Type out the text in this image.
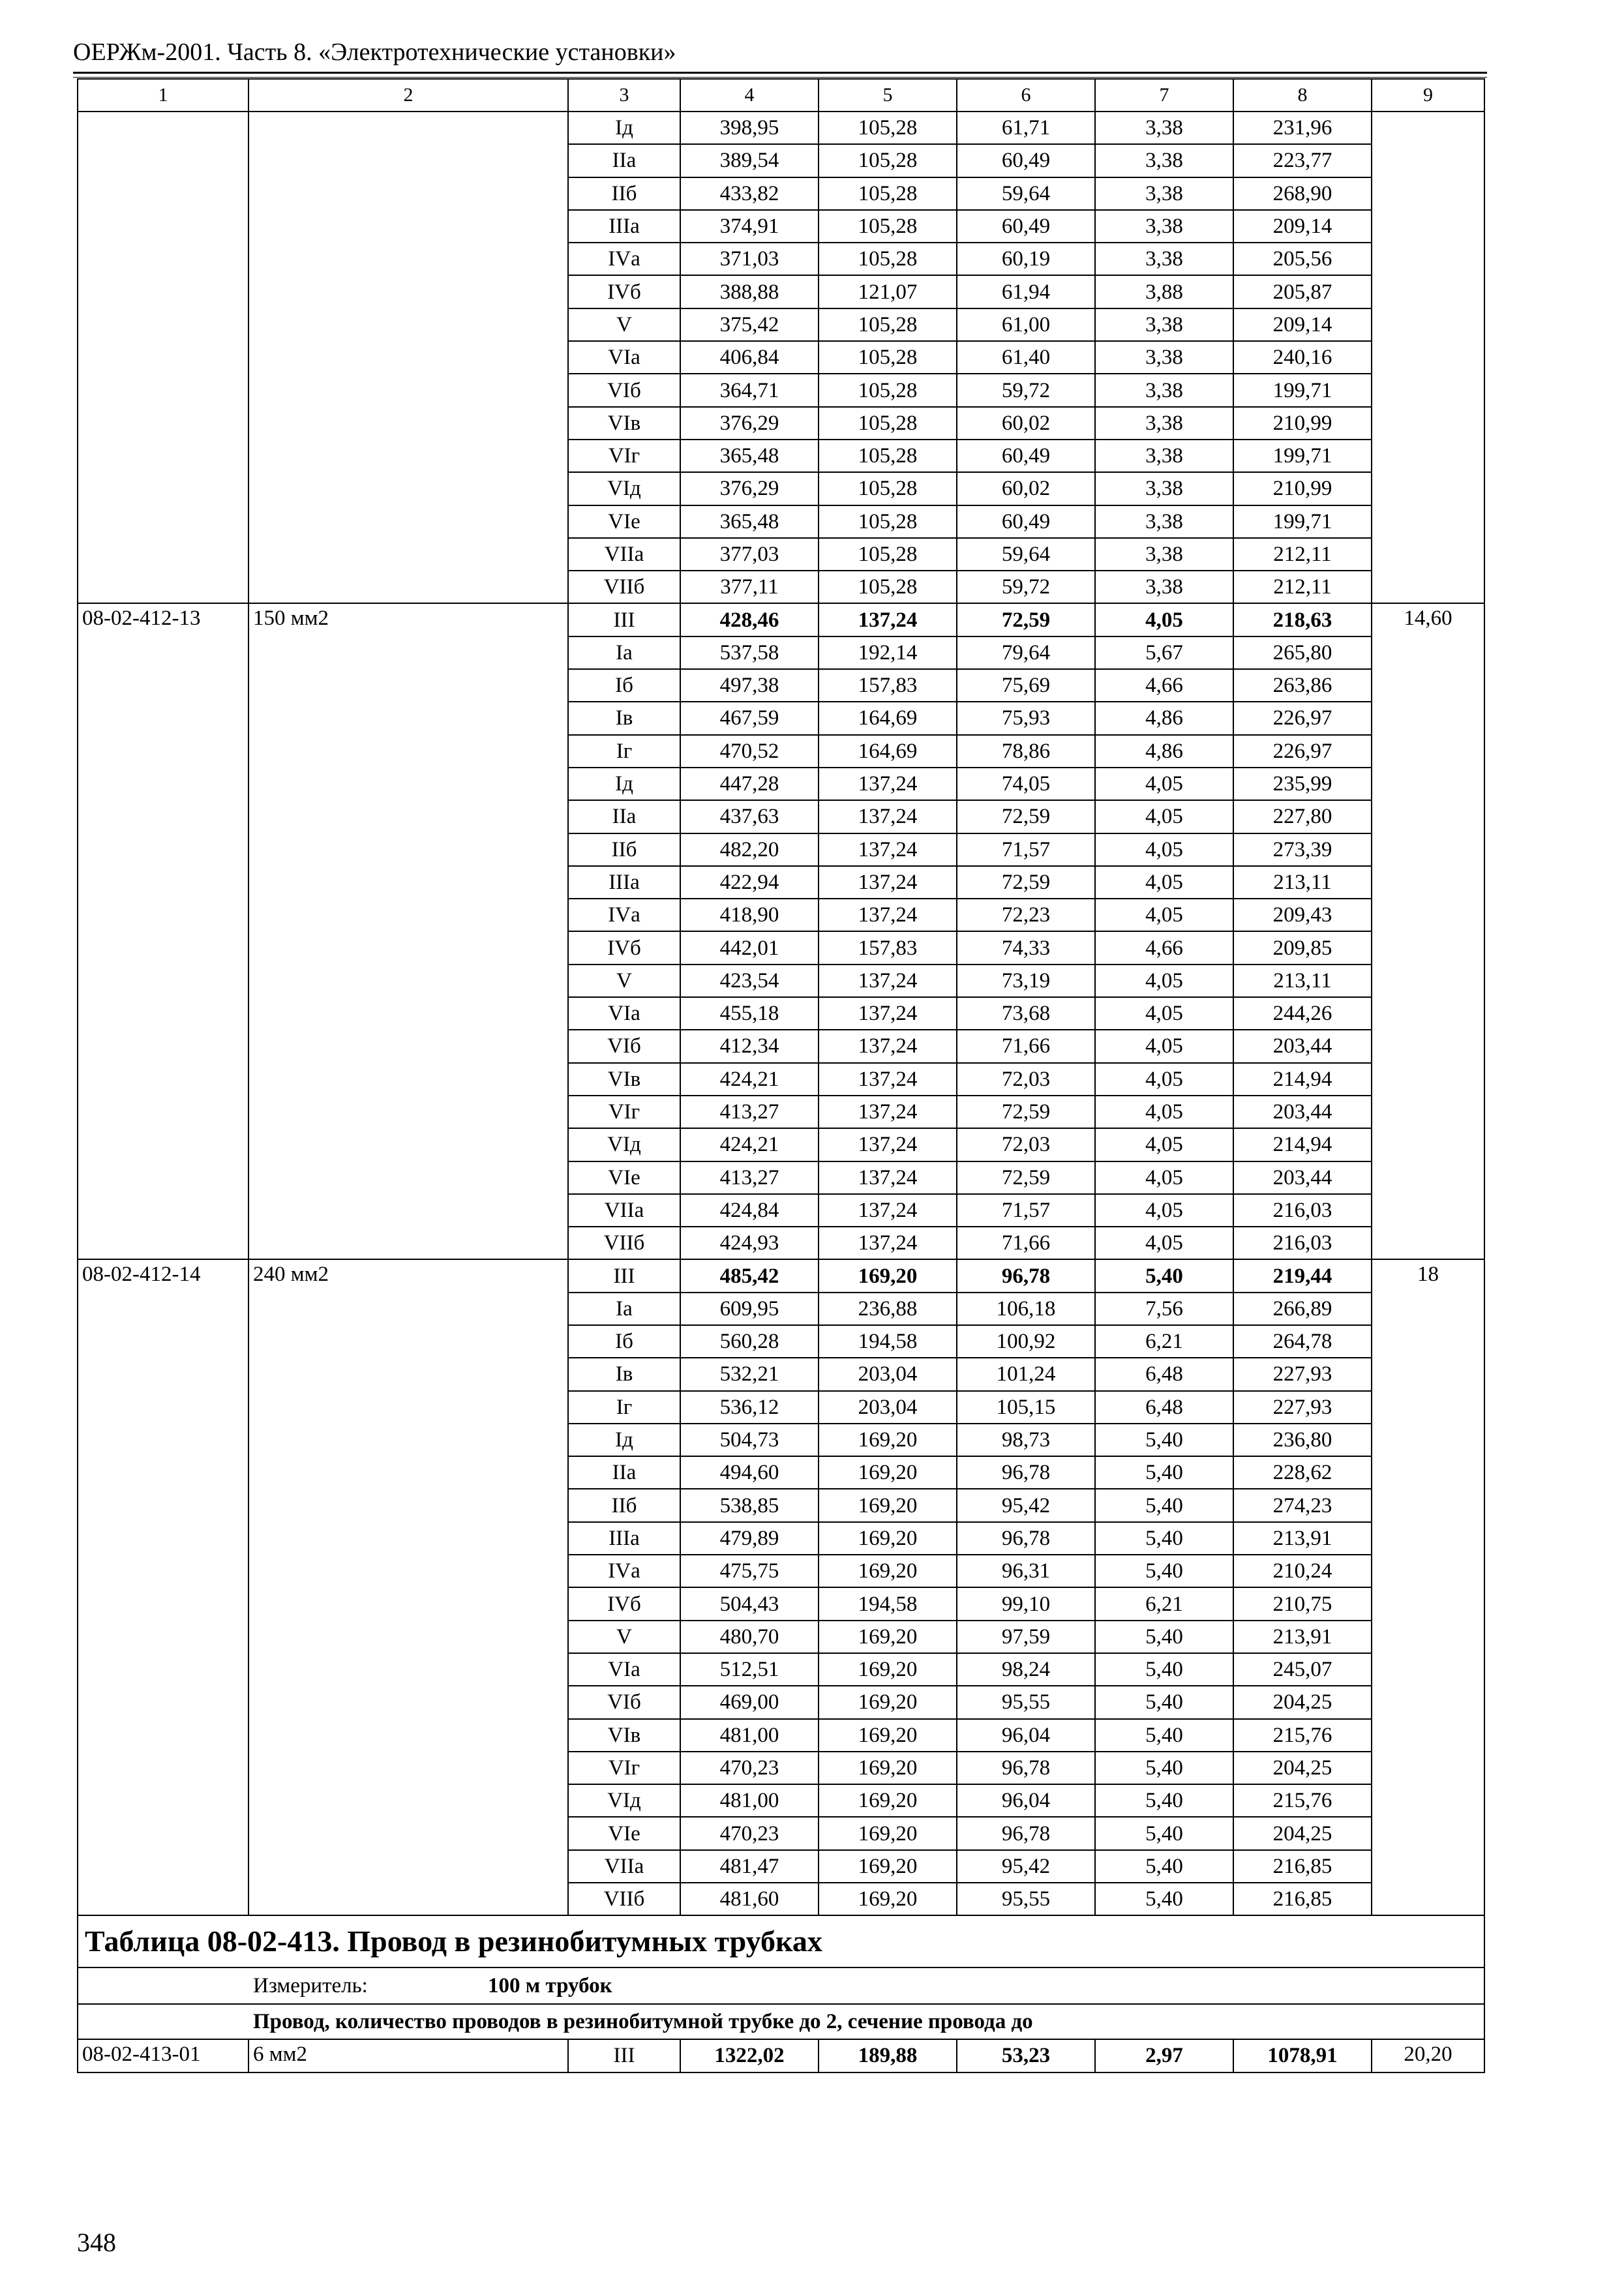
ОЕРЖм-2001. Часть 8. «Электротехнические установки»
1	2	3	4	5	6	7	8	9
		Iд	398,95	105,28	61,71	3,38	231,96	
		IIа	389,54	105,28	60,49	3,38	223,77	
		IIб	433,82	105,28	59,64	3,38	268,90	
		IIIа	374,91	105,28	60,49	3,38	209,14	
		IVа	371,03	105,28	60,19	3,38	205,56	
		IVб	388,88	121,07	61,94	3,88	205,87	
		V	375,42	105,28	61,00	3,38	209,14	
		VIа	406,84	105,28	61,40	3,38	240,16	
		VIб	364,71	105,28	59,72	3,38	199,71	
		VIв	376,29	105,28	60,02	3,38	210,99	
		VIг	365,48	105,28	60,49	3,38	199,71	
		VIд	376,29	105,28	60,02	3,38	210,99	
		VIе	365,48	105,28	60,49	3,38	199,71	
		VIIа	377,03	105,28	59,64	3,38	212,11	
		VIIб	377,11	105,28	59,72	3,38	212,11	
08-02-412-13	150 мм2	III	428,46	137,24	72,59	4,05	218,63	14,60
		Iа	537,58	192,14	79,64	5,67	265,80	
		Iб	497,38	157,83	75,69	4,66	263,86	
		Iв	467,59	164,69	75,93	4,86	226,97	
		Iг	470,52	164,69	78,86	4,86	226,97	
		Iд	447,28	137,24	74,05	4,05	235,99	
		IIа	437,63	137,24	72,59	4,05	227,80	
		IIб	482,20	137,24	71,57	4,05	273,39	
		IIIа	422,94	137,24	72,59	4,05	213,11	
		IVа	418,90	137,24	72,23	4,05	209,43	
		IVб	442,01	157,83	74,33	4,66	209,85	
		V	423,54	137,24	73,19	4,05	213,11	
		VIа	455,18	137,24	73,68	4,05	244,26	
		VIб	412,34	137,24	71,66	4,05	203,44	
		VIв	424,21	137,24	72,03	4,05	214,94	
		VIг	413,27	137,24	72,59	4,05	203,44	
		VIд	424,21	137,24	72,03	4,05	214,94	
		VIе	413,27	137,24	72,59	4,05	203,44	
		VIIа	424,84	137,24	71,57	4,05	216,03	
		VIIб	424,93	137,24	71,66	4,05	216,03	
08-02-412-14	240 мм2	III	485,42	169,20	96,78	5,40	219,44	18
		Iа	609,95	236,88	106,18	7,56	266,89	
		Iб	560,28	194,58	100,92	6,21	264,78	
		Iв	532,21	203,04	101,24	6,48	227,93	
		Iг	536,12	203,04	105,15	6,48	227,93	
		Iд	504,73	169,20	98,73	5,40	236,80	
		IIа	494,60	169,20	96,78	5,40	228,62	
		IIб	538,85	169,20	95,42	5,40	274,23	
		IIIа	479,89	169,20	96,78	5,40	213,91	
		IVа	475,75	169,20	96,31	5,40	210,24	
		IVб	504,43	194,58	99,10	6,21	210,75	
		V	480,70	169,20	97,59	5,40	213,91	
		VIа	512,51	169,20	98,24	5,40	245,07	
		VIб	469,00	169,20	95,55	5,40	204,25	
		VIв	481,00	169,20	96,04	5,40	215,76	
		VIг	470,23	169,20	96,78	5,40	204,25	
		VIд	481,00	169,20	96,04	5,40	215,76	
		VIе	470,23	169,20	96,78	5,40	204,25	
		VIIа	481,47	169,20	95,42	5,40	216,85	
		VIIб	481,60	169,20	95,55	5,40	216,85	
Таблица 08-02-413. Провод в резинобитумных трубках								
Измеритель: 100 м трубок								
Провод, количество проводов в резинобитумной трубке до 2, сечение провода до								
08-02-413-01	6 мм2	III	1322,02	189,88	53,23	2,97	1078,91	20,20
348
